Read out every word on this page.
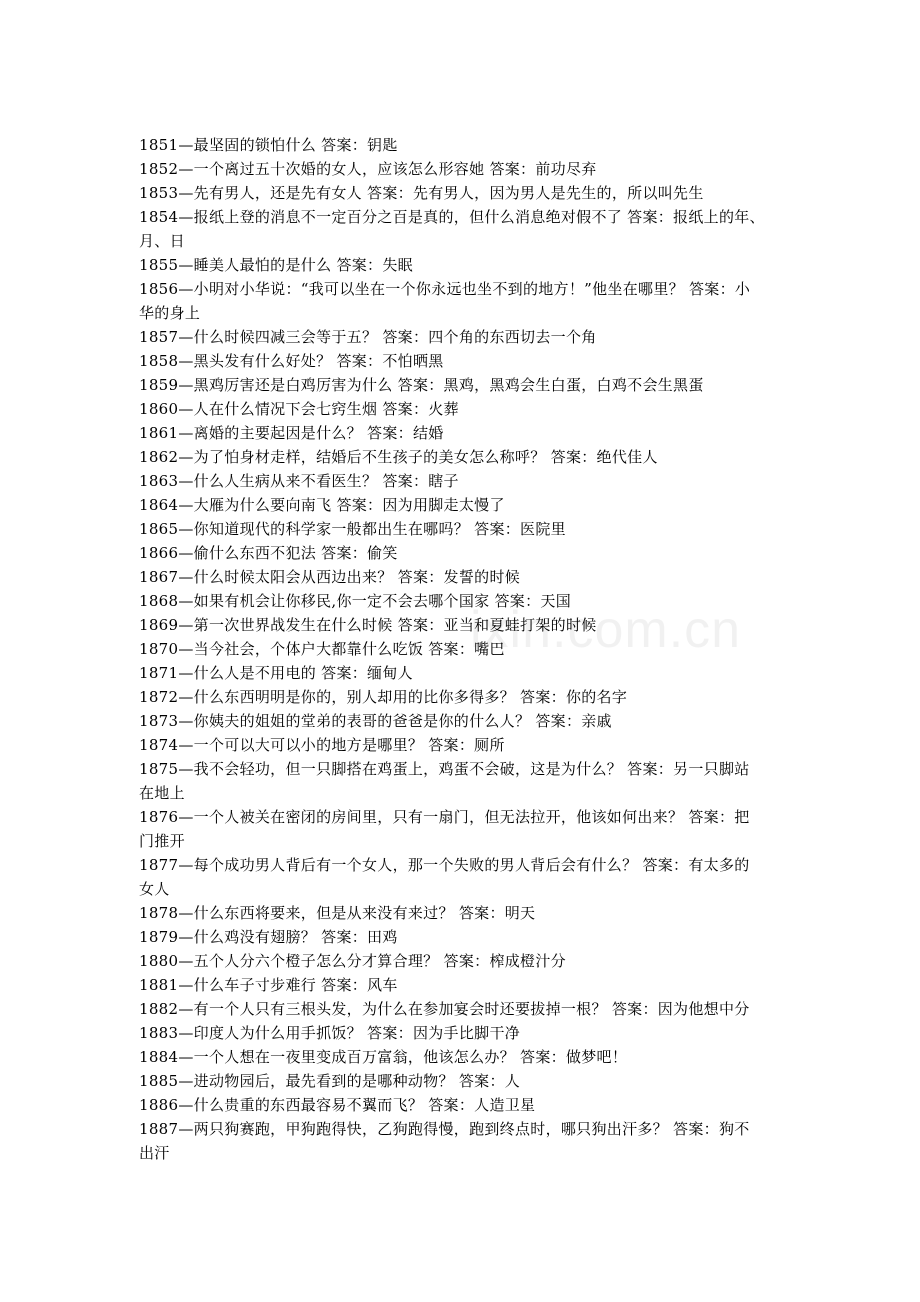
ixin.com.cn
1851—最坚固的锁怕什么 答案：钥匙
1852—一个离过五十次婚的女人，应该怎么形容她 答案：前功尽弃
1853—先有男人，还是先有女人 答案：先有男人，因为男人是先生的，所以叫先生
1854—报纸上登的消息不一定百分之百是真的，但什么消息绝对假不了 答案：报纸上的年、
月、日
1855—睡美人最怕的是什么 答案：失眠
1856—小明对小华说：“我可以坐在一个你永远也坐不到的地方！”他坐在哪里？ 答案：小
华的身上
1857—什么时候四减三会等于五？ 答案：四个角的东西切去一个角
1858—黑头发有什么好处？ 答案：不怕晒黑
1859—黑鸡厉害还是白鸡厉害为什么 答案：黑鸡，黑鸡会生白蛋，白鸡不会生黑蛋
1860—人在什么情况下会七窍生烟 答案：火葬
1861—离婚的主要起因是什么？ 答案：结婚
1862—为了怕身材走样，结婚后不生孩子的美女怎么称呼？ 答案：绝代佳人
1863—什么人生病从来不看医生？ 答案：瞎子
1864—大雁为什么要向南飞 答案：因为用脚走太慢了
1865—你知道现代的科学家一般都出生在哪吗？ 答案：医院里
1866—偷什么东西不犯法 答案：偷笑
1867—什么时候太阳会从西边出来？ 答案：发誓的时候
1868—如果有机会让你移民,你一定不会去哪个国家 答案：天国
1869—第一次世界战发生在什么时候 答案：亚当和夏蛙打架的时候
1870—当今社会，个体户大都靠什么吃饭 答案：嘴巴
1871—什么人是不用电的 答案：缅甸人
1872—什么东西明明是你的，别人却用的比你多得多？ 答案：你的名字
1873—你姨夫的姐姐的堂弟的表哥的爸爸是你的什么人？ 答案：亲戚
1874—一个可以大可以小的地方是哪里？ 答案：厕所
1875—我不会轻功，但一只脚搭在鸡蛋上，鸡蛋不会破，这是为什么？ 答案：另一只脚站
在地上
1876—一个人被关在密闭的房间里，只有一扇门，但无法拉开，他该如何出来？ 答案：把
门推开
1877—每个成功男人背后有一个女人，那一个失败的男人背后会有什么？ 答案：有太多的
女人
1878—什么东西将要来，但是从来没有来过？ 答案：明天
1879—什么鸡没有翅膀？ 答案：田鸡
1880—五个人分六个橙子怎么分才算合理？ 答案：榨成橙汁分
1881—什么车子寸步难行 答案：风车
1882—有一个人只有三根头发，为什么在参加宴会时还要拔掉一根？ 答案：因为他想中分
1883—印度人为什么用手抓饭？ 答案：因为手比脚干净
1884—一个人想在一夜里变成百万富翁，他该怎么办？ 答案：做梦吧！
1885—进动物园后，最先看到的是哪种动物？ 答案：人
1886—什么贵重的东西最容易不翼而飞？ 答案：人造卫星
1887—两只狗赛跑，甲狗跑得快，乙狗跑得慢，跑到终点时，哪只狗出汗多？ 答案：狗不
出汗
